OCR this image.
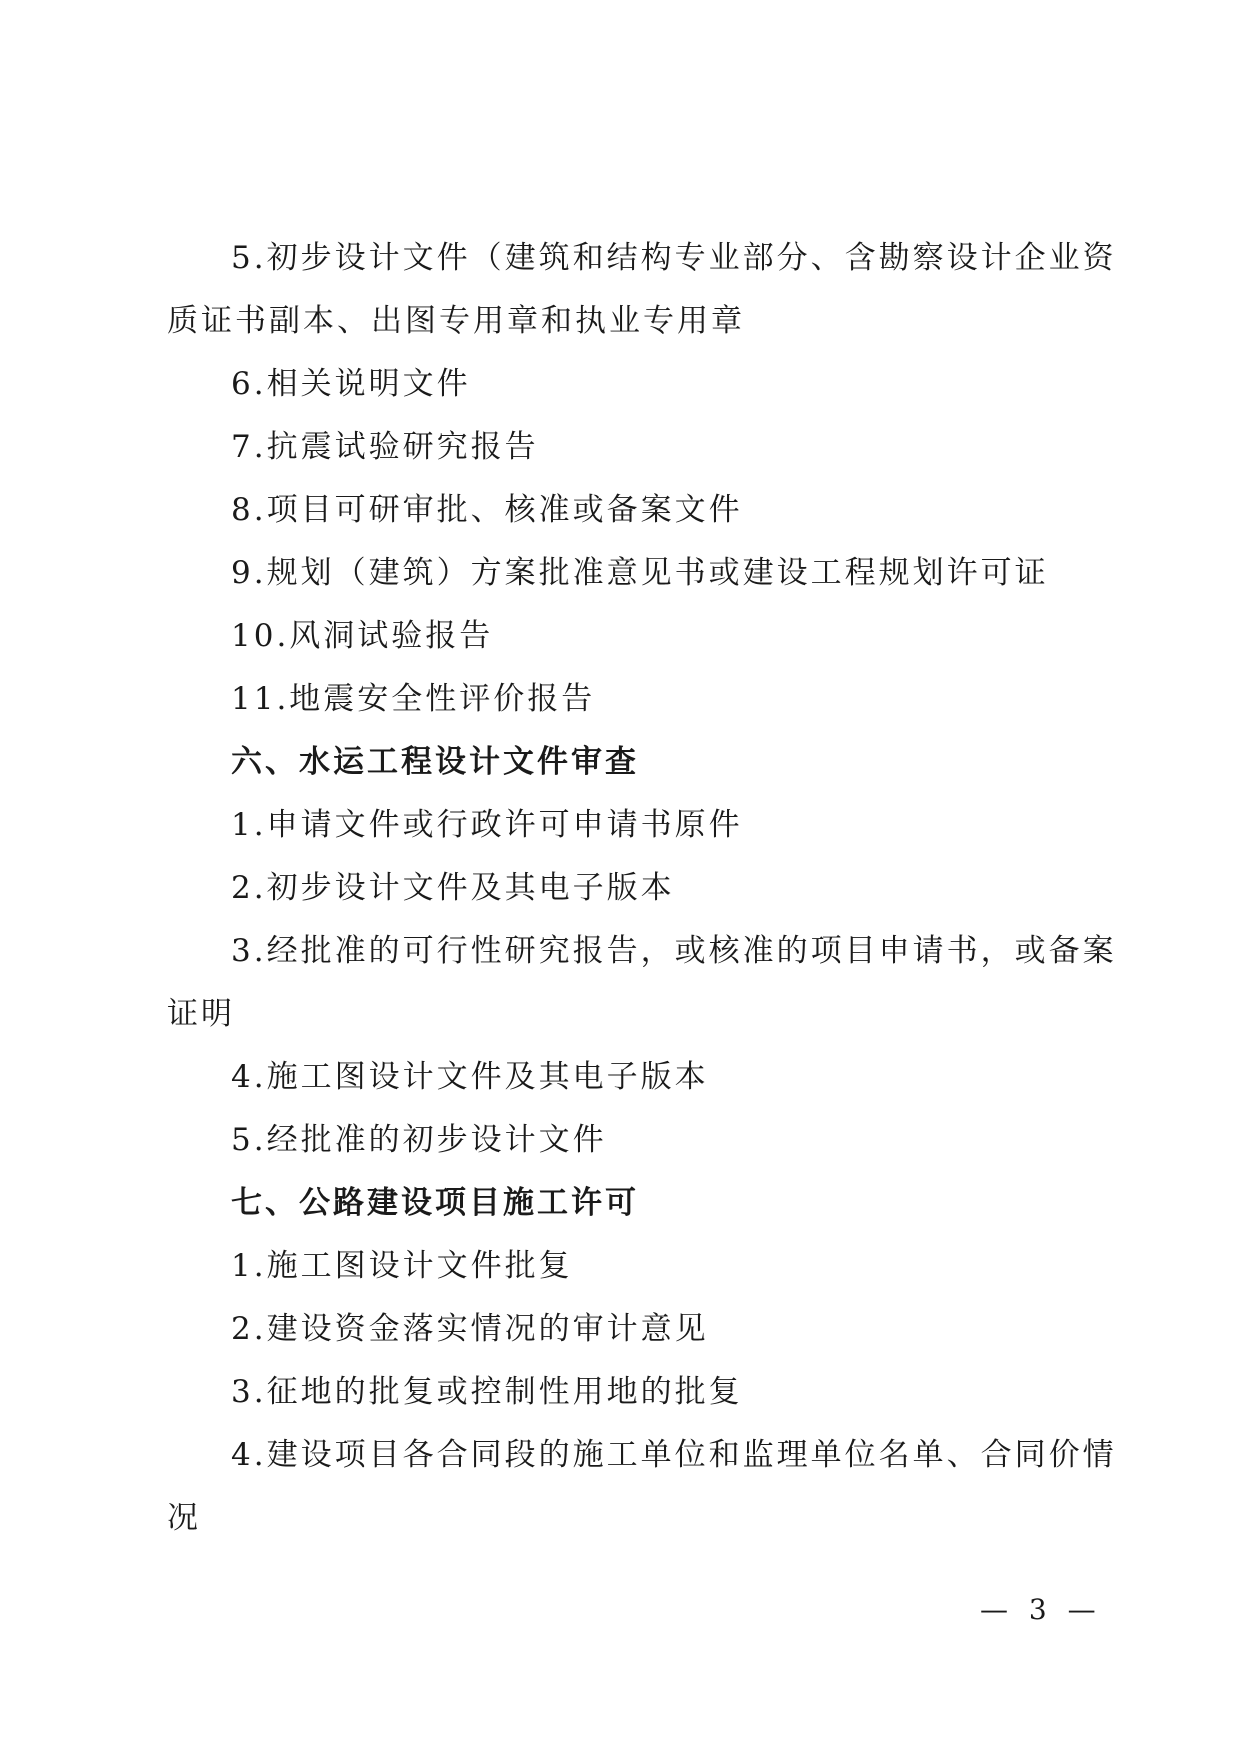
5.初步设计文件（建筑和结构专业部分、含勘察设计企业资
质证书副本、出图专用章和执业专用章
6.相关说明文件
7.抗震试验研究报告
8.项目可研审批、核准或备案文件
9.规划（建筑）方案批准意见书或建设工程规划许可证
10.风洞试验报告
11.地震安全性评价报告
六、水运工程设计文件审查
1.申请文件或行政许可申请书原件
2.初步设计文件及其电子版本
3.经批准的可行性研究报告，或核准的项目申请书，或备案
证明
4.施工图设计文件及其电子版本
5.经批准的初步设计文件
七、公路建设项目施工许可
1.施工图设计文件批复
2.建设资金落实情况的审计意见
3.征地的批复或控制性用地的批复
4.建设项目各合同段的施工单位和监理单位名单、合同价情
况
— 3 —
